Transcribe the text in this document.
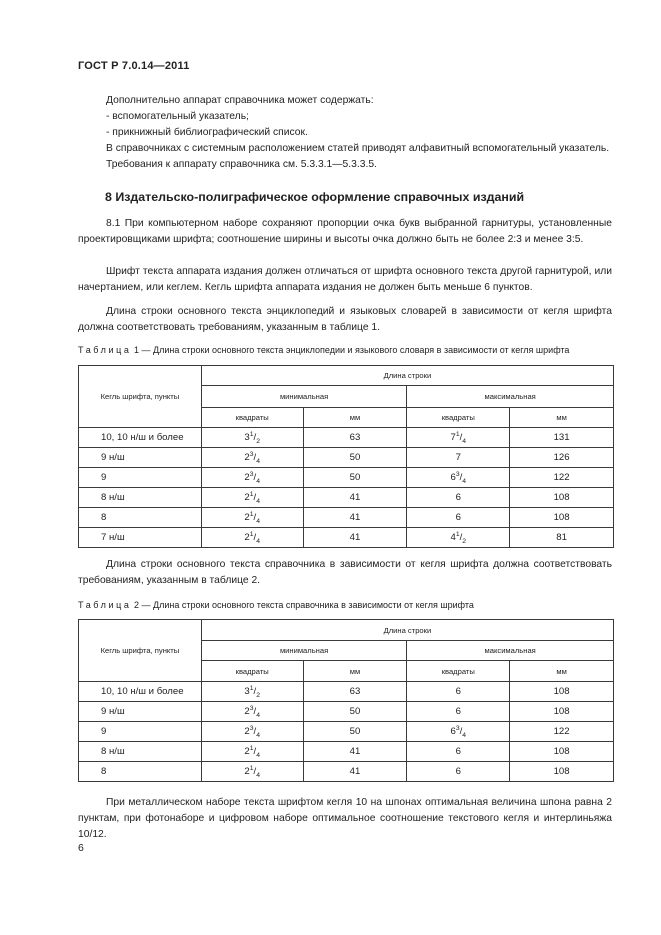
ГОСТ Р 7.0.14—2011
Дополнительно аппарат справочника может содержать:
- вспомогательный указатель;
- прикнижный библиографический список.
В справочниках с системным расположением статей приводят алфавитный вспомогательный указатель.
Требования к аппарату справочника см. 5.3.3.1—5.3.3.5.
8 Издательско-полиграфическое оформление справочных изданий
8.1 При компьютерном наборе сохраняют пропорции очка букв выбранной гарнитуры, установленные проектировщиками шрифта; соотношение ширины и высоты очка должно быть не более 2:3 и менее 3:5.
Шрифт текста аппарата издания должен отличаться от шрифта основного текста другой гарнитурой, или начертанием, или кеглем. Кегль шрифта аппарата издания не должен быть меньше 6 пунктов.
Длина строки основного текста энциклопедий и языковых словарей в зависимости от кегля шрифта должна соответствовать требованиям, указанным в таблице 1.
Таблица 1 — Длина строки основного текста энциклопедии и языкового словаря в зависимости от кегля шрифта
Кегль шрифта, пункты	Длина строки			
	минимальная		максимальная	
	квадраты	мм	квадраты	мм
10, 10 н/ш и более	$3^1/_2$	63	$7^1/_4$	131
9 н/ш	$2^3/_4$	50	7	126
9	$2^3/_4$	50	$6^3/_4$	122
8 н/ш	$2^1/_4$	41	6	108
8	$2^1/_4$	41	6	108
7 н/ш	$2^1/_4$	41	$4^1/_2$	81
Длина строки основного текста справочника в зависимости от кегля шрифта должна соответствовать требованиям, указанным в таблице 2.
Таблица 2 — Длина строки основного текста справочника в зависимости от кегля шрифта
Кегль шрифта, пункты	Длина строки			
	минимальная		максимальная	
	квадраты	мм	квадраты	мм
10, 10 н/ш и более	$3^1/_2$	63	6	108
9 н/ш	$2^3/_4$	50	6	108
9	$2^3/_4$	50	$6^3/_4$	122
8 н/ш	$2^1/_4$	41	6	108
8	$2^1/_4$	41	6	108
При металлическом наборе текста шрифтом кегля 10 на шпонах оптимальная величина шпона равна 2 пунктам, при фотонаборе и цифровом наборе оптимальное соотношение текстового кегля и интерлиньяжа 10/12.
6
